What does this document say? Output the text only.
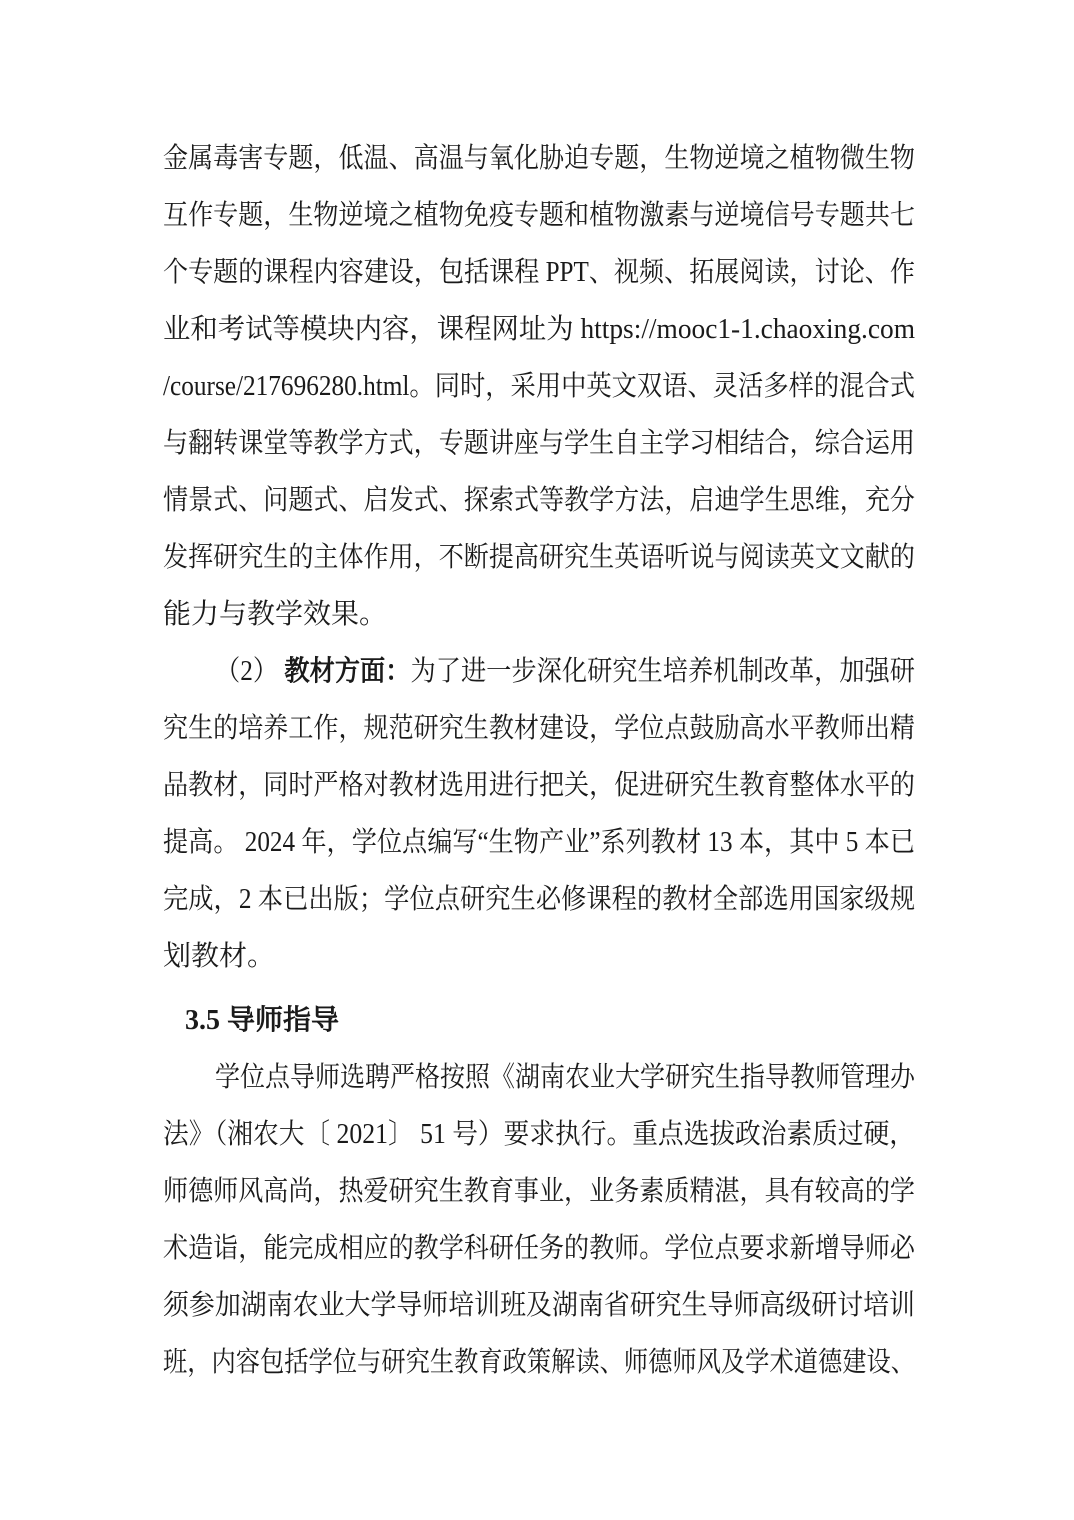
金属毒害专题，低温、高温与氧化胁迫专题，生物逆境之植物微生物
互作专题，生物逆境之植物免疫专题和植物激素与逆境信号专题共七
个专题的课程内容建设，包括课程 PPT、视频、拓展阅读，讨论、作
业和考试等模块内容，课程网址为 https://mooc1-1.chaoxing.com
/course/217696280.html。同时，采用中英文双语、灵活多样的混合式
与翻转课堂等教学方式，专题讲座与学生自主学习相结合，综合运用
情景式、问题式、启发式、探索式等教学方法，启迪学生思维，充分
发挥研究生的主体作用，不断提高研究生英语听说与阅读英文文献的
能力与教学效果。
（2） 教材方面：为了进一步深化研究生培养机制改革，加强研
究生的培养工作，规范研究生教材建设，学位点鼓励高水平教师出精
品教材，同时严格对教材选用进行把关，促进研究生教育整体水平的
提高。 2024 年，学位点编写“生物产业”系列教材 13 本，其中 5 本已
完成，2 本已出版；学位点研究生必修课程的教材全部选用国家级规
划教材。
3.5 导师指导
学位点导师选聘严格按照《湖南农业大学研究生指导教师管理办
法》（湘农大〔 2021〕 51 号）要求执行。重点选拔政治素质过硬，
师德师风高尚，热爱研究生教育事业，业务素质精湛，具有较高的学
术造诣，能完成相应的教学科研任务的教师。学位点要求新增导师必
须参加湖南农业大学导师培训班及湖南省研究生导师高级研讨培训
班，内容包括学位与研究生教育政策解读、师德师风及学术道德建设、
